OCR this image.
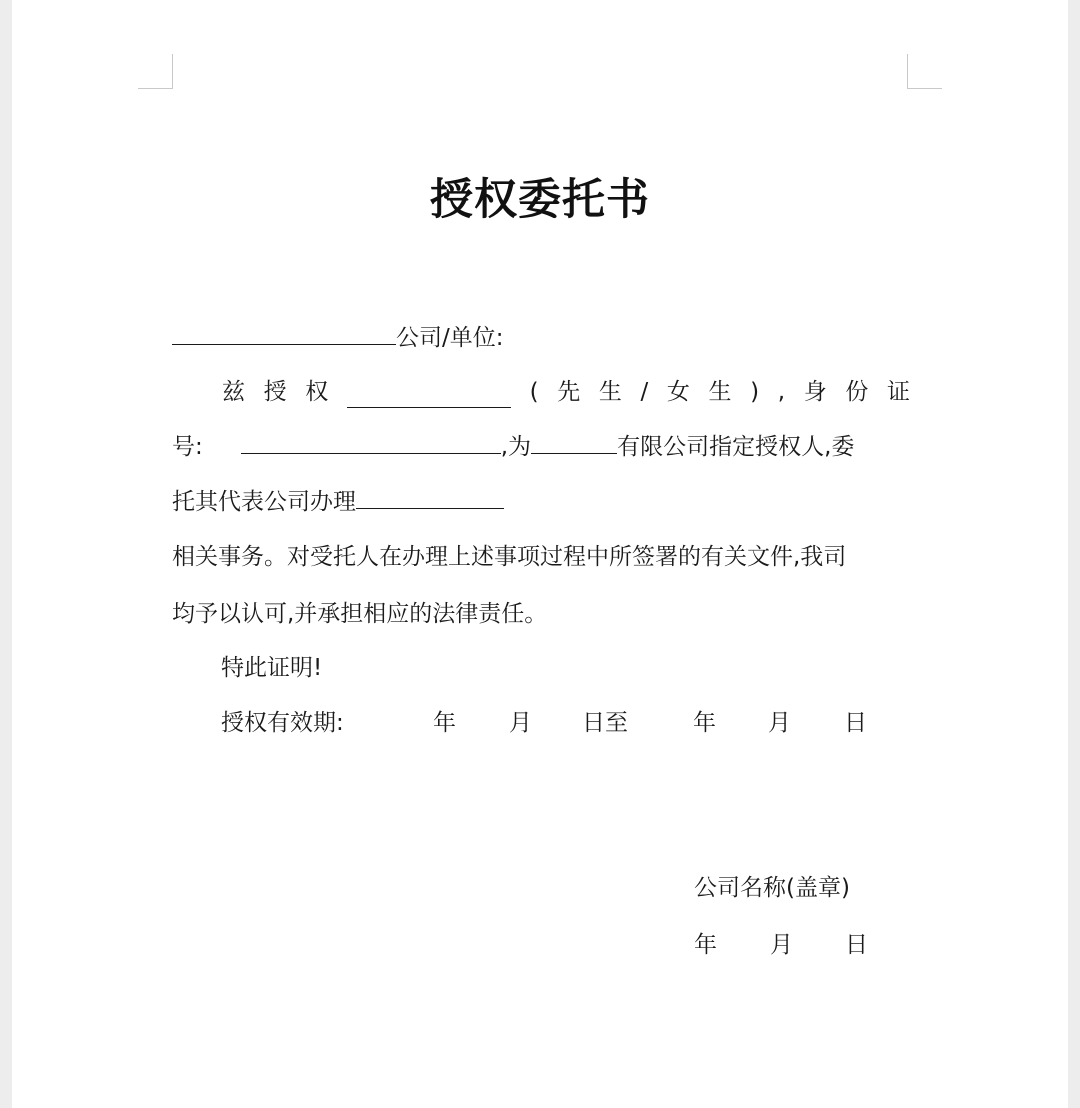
授权委托书
公司/单位:
兹 授 权	( 先 生 / 女 生 ) , 身 份 证
号:	,为	有限公司指定授权人,委
托其代表公司办理
相关事务。对受托人在办理上述事项过程中所签署的有关文件,我司
均予以认可,并承担相应的法律责任。
特此证明!
授权有效期:	年 月 日至	年 月 日
公司名称(盖章)
年 月 日
